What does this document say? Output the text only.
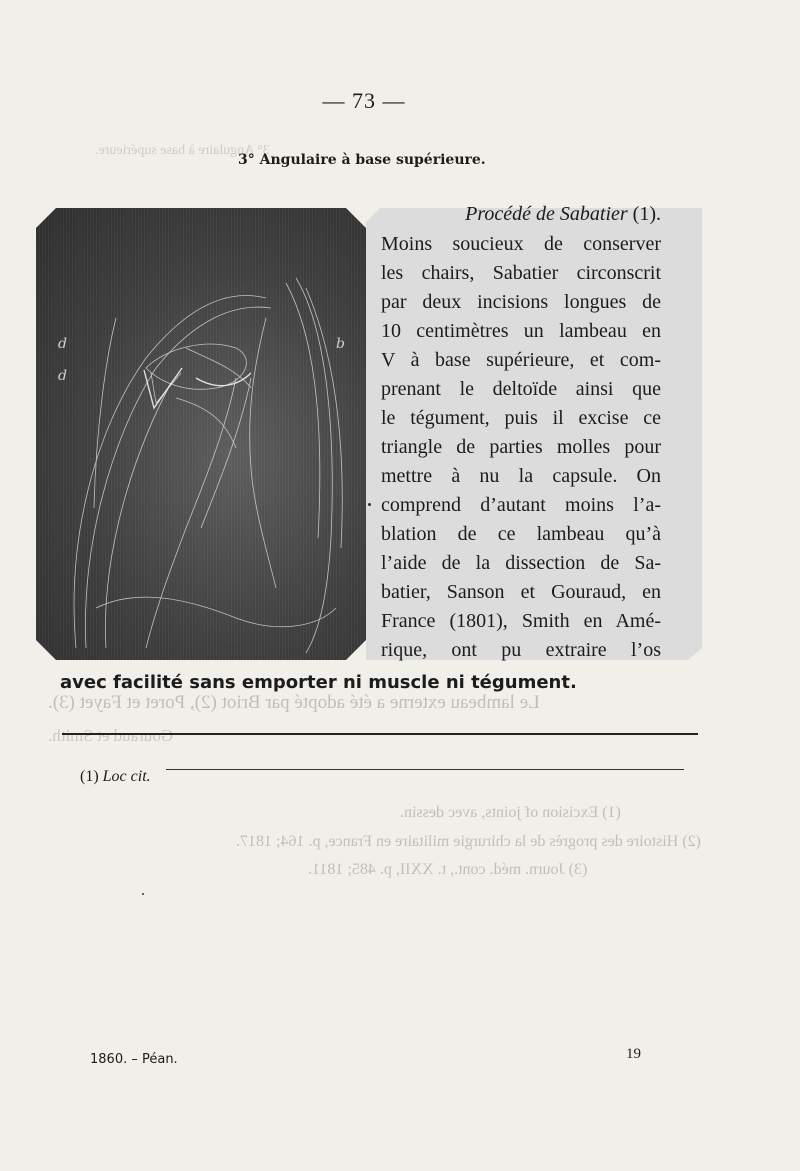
3° Angulaire à base supérieure.
Le lambeau externe a été adopté par Briot (2), Poret et Fayet (3).
Gouraud et Smith.
(1) Excision of joints, avec dessin.
(2) Histoire des progrès de la chirurgie militaire en France, p. 164; 1817.
(3) Journ. méd. cont., t. XXII, p. 485; 1811.
— 73 —
3° Angulaire à base supérieure.
d
d
b
Procédé de Sabatier (1).
Moins soucieux de conserver
les chairs, Sabatier circonscrit
par deux incisions longues de
10 centimètres un lambeau en
V à base supérieure, et com-
prenant le deltoïde ainsi que
le tégument, puis il excise ce
triangle de parties molles pour
mettre à nu la capsule. On
comprend d’autant moins l’a-
blation de ce lambeau qu’à
l’aide de la dissection de Sa-
batier, Sanson et Gouraud, en
France (1801), Smith en Amé-
rique, ont pu extraire l’os
avec facilité sans emporter ni muscle ni tégument.
(1) Loc cit.
1860. – Péan.	19
